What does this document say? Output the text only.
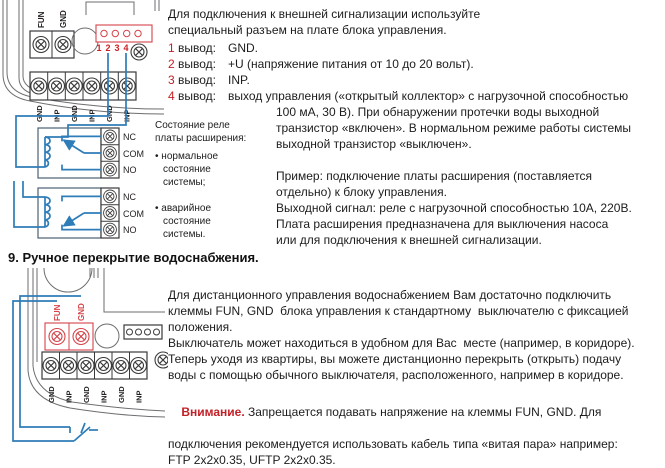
FUN GND
1 2 3 4
GND INP GND INP GND INP
NC
COM
NO
NC
COM
NO
FUN GND
GND INP GND INP GND INP
Для подключения к внешней сигнализации используйте
специальный разъем на плате блока управления.
1 вывод:	GND.
2 вывод:	+U (напряжение питания от 10 до 20 вольт).
3 вывод:	INP.
4 вывод:	выход управления («открытый коллектор» с нагрузочной способностью
100 мА, 30 В). При обнаружении протечки воды выходной
транзистор «включен». В нормальном режиме работы системы
выходной транзистор «выключен».
Пример: подключение платы расширения (поставляется
отдельно) к блоку управления.
Выходной сигнал: реле с нагрузочной способностью 10А, 220В.
Плата расширения предназначена для выключения насоса
или для подключения к внешней сигнализации.
Состояние реле
платы расширения:
• нормальное
состояние
системы;
• аварийное
состояние
системы.
9. Ручное перекрытие водоснабжения.
Для дистанционного управления водоснабжением Вам достаточно подключить
клеммы FUN, GND  блока управления к стандартному  выключателю с фиксацией
положения.
Выключатель может находиться в удобном для Вас  месте (например, в коридоре).
Теперь уходя из квартиры, вы можете дистанционно перекрыть (открыть) подачу
воды с помощью обычного выключателя, расположенного, например в коридоре.

Внимание. Запрещается подавать напряжение на клеммы FUN, GND. Для

подключения рекомендуется использовать кабель типа «витая пара» например:
FTP 2x2x0.35, UFTP 2x2x0.35.
